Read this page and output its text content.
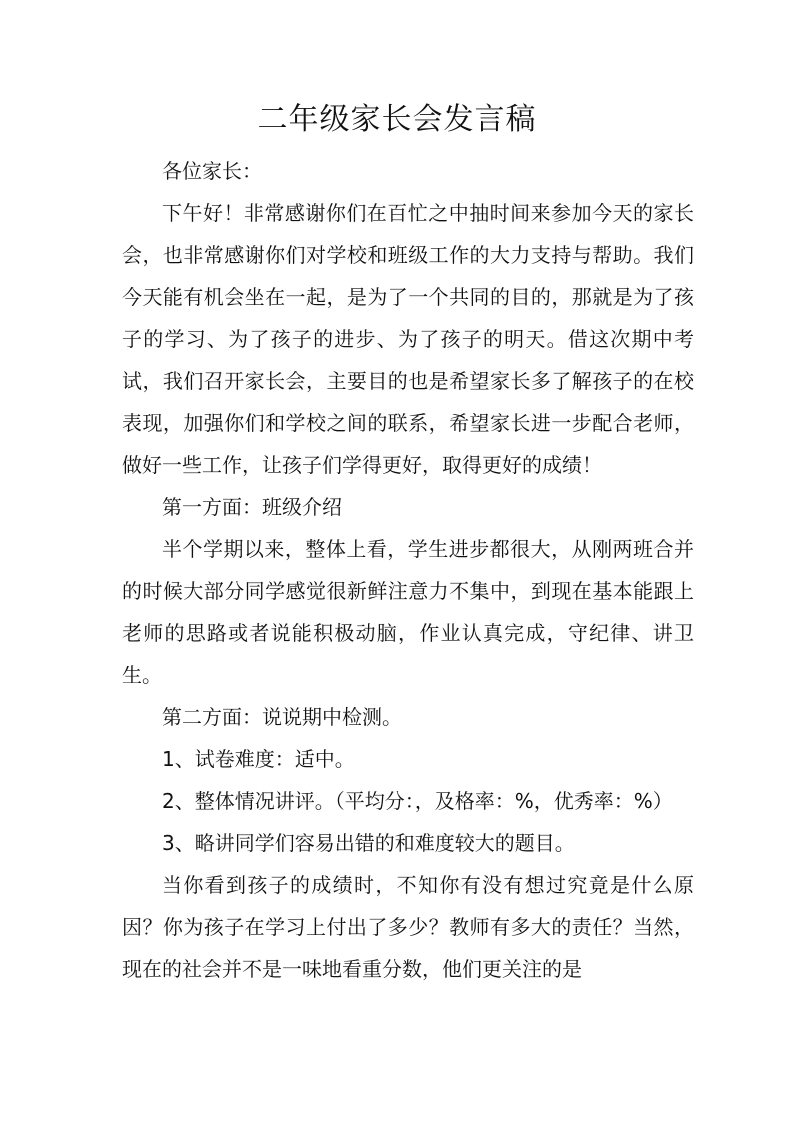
二年级家长会发言稿

各位家长：

下午好！非常感谢你们在百忙之中抽时间来参加今天的家长会，也非常感谢你们对学校和班级工作的大力支持与帮助。我们今天能有机会坐在一起，是为了一个共同的目的，那就是为了孩子的学习、为了孩子的进步、为了孩子的明天。借这次期中考试，我们召开家长会，主要目的也是希望家长多了解孩子的在校表现，加强你们和学校之间的联系，希望家长进一步配合老师，做好一些工作，让孩子们学得更好，取得更好的成绩！

第一方面：班级介绍

半个学期以来，整体上看，学生进步都很大，从刚两班合并的时候大部分同学感觉很新鲜注意力不集中，到现在基本能跟上老师的思路或者说能积极动脑，作业认真完成，守纪律、讲卫生。

第二方面：说说期中检测。

1、试卷难度：适中。

2、整体情况讲评。（平均分：，及格率：%，优秀率：%）

3、略讲同学们容易出错的和难度较大的题目。

当你看到孩子的成绩时，不知你有没有想过究竟是什么原因？你为孩子在学习上付出了多少？教师有多大的责任？当然，现在的社会并不是一味地看重分数，他们更关注的是
